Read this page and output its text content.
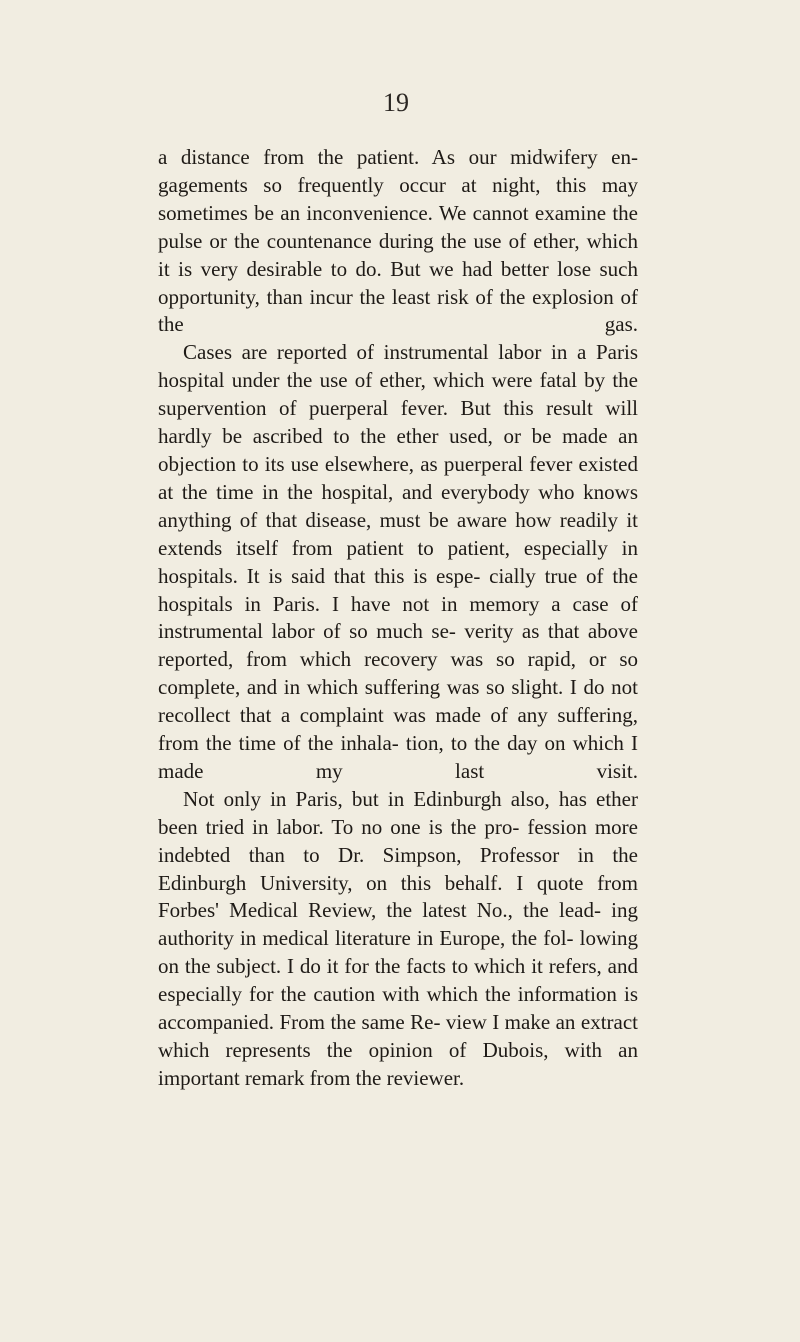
19

a distance from the patient. As our midwifery en- gagements so frequently occur at night, this may sometimes be an inconvenience. We cannot examine the pulse or the countenance during the use of ether, which it is very desirable to do. But we had better lose such opportunity, than incur the least risk of the explosion of the gas.

Cases are reported of instrumental labor in a Paris hospital under the use of ether, which were fatal by the supervention of puerperal fever. But this result will hardly be ascribed to the ether used, or be made an objection to its use elsewhere, as puerperal fever existed at the time in the hospital, and everybody who knows anything of that disease, must be aware how readily it extends itself from patient to patient, especially in hospitals. It is said that this is espe- cially true of the hospitals in Paris. I have not in memory a case of instrumental labor of so much se- verity as that above reported, from which recovery was so rapid, or so complete, and in which suffering was so slight. I do not recollect that a complaint was made of any suffering, from the time of the inhala- tion, to the day on which I made my last visit.

Not only in Paris, but in Edinburgh also, has ether been tried in labor. To no one is the pro- fession more indebted than to Dr. Simpson, Professor in the Edinburgh University, on this behalf. I quote from Forbes' Medical Review, the latest No., the lead- ing authority in medical literature in Europe, the fol- lowing on the subject. I do it for the facts to which it refers, and especially for the caution with which the information is accompanied. From the same Re- view I make an extract which represents the opinion of Dubois, with an important remark from the reviewer.
